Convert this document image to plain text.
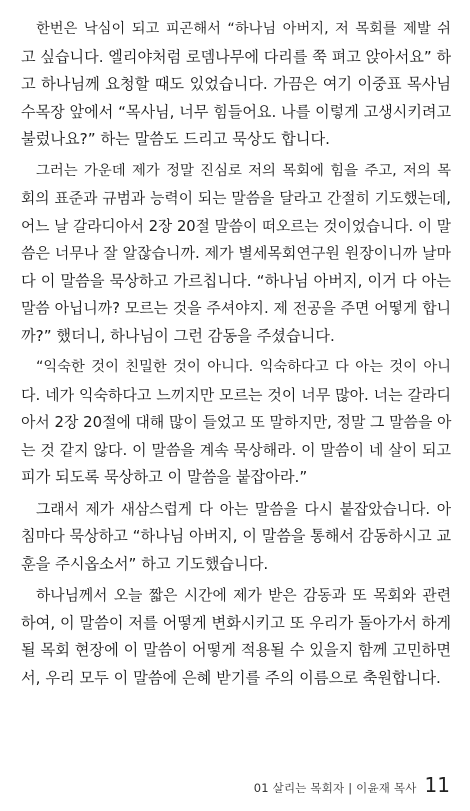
한번은 낙심이 되고 피곤해서 “하나님 아버지, 저 목회를 제발 쉬
고 싶습니다. 엘리야처럼 로뎀나무에 다리를 쭉 펴고 앉아서요” 하
고 하나님께 요청할 때도 있었습니다. 가끔은 여기 이중표 목사님
수목장 앞에서 “목사님, 너무 힘들어요. 나를 이렇게 고생시키려고
불렀나요?” 하는 말씀도 드리고 묵상도 합니다.
그러는 가운데 제가 정말 진심로 저의 목회에 힘을 주고, 저의 목
회의 표준과 규범과 능력이 되는 말씀을 달라고 간절히 기도했는데,
어느 날 갈라디아서 2장 20절 말씀이 떠오르는 것이었습니다. 이 말
씀은 너무나 잘 알잖습니까. 제가 별세목회연구원 원장이니까 날마
다 이 말씀을 묵상하고 가르칩니다. “하나님 아버지, 이거 다 아는
말씀 아닙니까? 모르는 것을 주셔야지. 제 전공을 주면 어떻게 합니
까?” 했더니, 하나님이 그런 감동을 주셨습니다.
“익숙한 것이 친밀한 것이 아니다. 익숙하다고 다 아는 것이 아니
다. 네가 익숙하다고 느끼지만 모르는 것이 너무 많아. 너는 갈라디
아서 2장 20절에 대해 많이 들었고 또 말하지만, 정말 그 말씀을 아
는 것 같지 않다. 이 말씀을 계속 묵상해라. 이 말씀이 네 살이 되고
피가 되도록 묵상하고 이 말씀을 붙잡아라.”
그래서 제가 새삼스럽게 다 아는 말씀을 다시 붙잡았습니다. 아
침마다 묵상하고 “하나님 아버지, 이 말씀을 통해서 감동하시고 교
훈을 주시옵소서” 하고 기도했습니다.
하나님께서 오늘 짧은 시간에 제가 받은 감동과 또 목회와 관련
하여, 이 말씀이 저를 어떻게 변화시키고 또 우리가 돌아가서 하게
될 목회 현장에 이 말씀이 어떻게 적용될 수 있을지 함께 고민하면
서, 우리 모두 이 말씀에 은혜 받기를 주의 이름으로 축원합니다.
01 살리는 목회자 | 이윤재 목사 11
